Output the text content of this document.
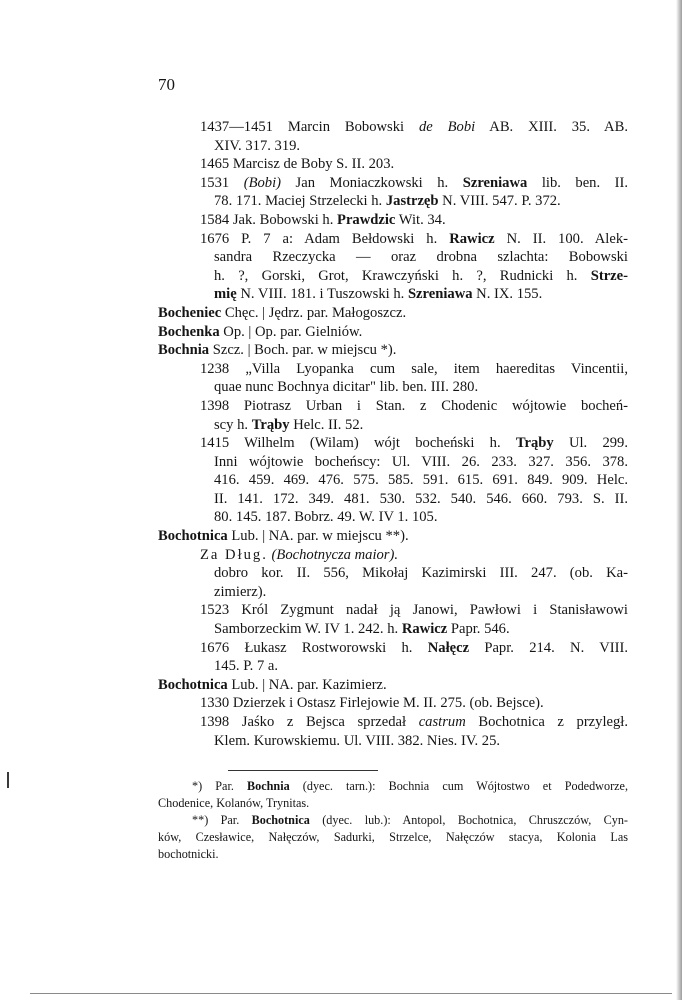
70
1437—1451 Marcin Bobowski de Bobi AB. XIII. 35. AB.
XIV. 317. 319.
1465 Marcisz de Boby S. II. 203.
1531 (Bobi) Jan Moniaczkowski h. Szreniawa lib. ben. II.
78. 171. Maciej Strzelecki h. Jastrzęb N. VIII. 547. P. 372.
1584 Jak. Bobowski h. Prawdzic Wit. 34.
1676 P. 7 a: Adam Bełdowski h. Rawicz N. II. 100. Alek-
sandra Rzeczycka — oraz drobna szlachta: Bobowski
h. ?, Gorski, Grot, Krawczyński h. ?, Rudnicki h. Strze-
mię N. VIII. 181. i Tuszowski h. Szreniawa N. IX. 155.
Bocheniec Chęc. | Jędrz. par. Małogoszcz.
Bochenka Op. | Op. par. Gielniów.
Bochnia Szcz. | Boch. par. w miejscu *).
1238 „Villa Lyopanka cum sale, item haereditas Vincentii,
quae nunc Bochnya dicitar" lib. ben. III. 280.
1398 Piotrasz Urban i Stan. z Chodenic wójtowie bocheń-
scy h. Trąby Helc. II. 52.
1415 Wilhelm (Wilam) wójt bocheński h. Trąby Ul. 299.
Inni wójtowie bocheńscy: Ul. VIII. 26. 233. 327. 356. 378.
416. 459. 469. 476. 575. 585. 591. 615. 691. 849. 909. Helc.
II. 141. 172. 349. 481. 530. 532. 540. 546. 660. 793. S. II.
80. 145. 187. Bobrz. 49. W. IV 1. 105.
Bochotnica Lub. | NA. par. w miejscu **).
Za Dług. (Bochotnycza maior).
dobro kor. II. 556, Mikołaj Kazimirski III. 247. (ob. Ka-
zimierz).
1523 Król Zygmunt nadał ją Janowi, Pawłowi i Stanisławowi
Samborzeckim W. IV 1. 242. h. Rawicz Papr. 546.
1676 Łukasz Rostworowski h. Nałęcz Papr. 214. N. VIII.
145. P. 7 a.
Bochotnica Lub. | NA. par. Kazimierz.
1330 Dzierzek i Ostasz Firlejowie M. II. 275. (ob. Bejsce).
1398 Jaśko z Bejsca sprzedał castrum Bochotnica z przyległ.
Klem. Kurowskiemu. Ul. VIII. 382. Nies. IV. 25.
*) Par. Bochnia (dyec. tarn.): Bochnia cum Wójtostwo et Podedworze,
Chodenice, Kolanów, Trynitas.
**) Par. Bochotnica (dyec. lub.): Antopol, Bochotnica, Chruszczów, Cyn-
ków, Czesławice, Nałęczów, Sadurki, Strzelce, Nałęczów stacya, Kolonia Las
bochotnicki.
